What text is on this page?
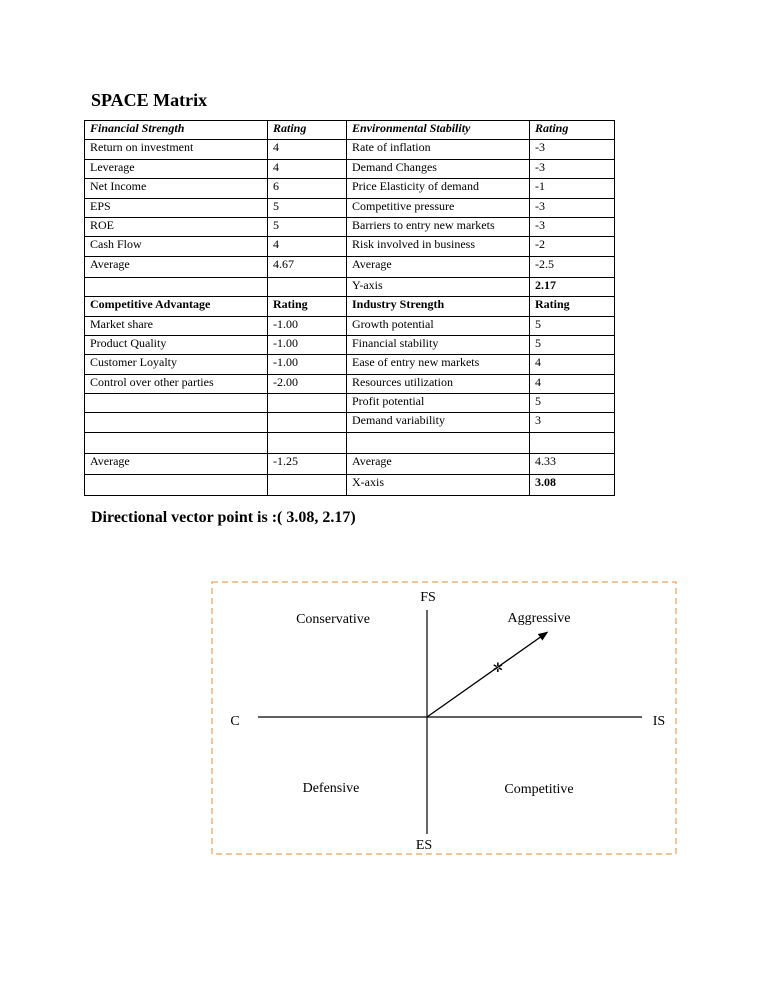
SPACE Matrix
Financial Strength	Rating	Environmental Stability	Rating
Return on investment	4	Rate of inflation	-3
Leverage	4	Demand Changes	-3
Net Income	6	Price Elasticity of demand	-1
EPS	5	Competitive pressure	-3
ROE	5	Barriers to entry new markets	-3
Cash Flow	4	Risk involved in business	-2
Average	4.67	Average	-2.5
		Y-axis	2.17
Competitive Advantage	Rating	Industry Strength	Rating
Market share	-1.00	Growth potential	5
Product Quality	-1.00	Financial stability	5
Customer Loyalty	-1.00	Ease of entry new markets	4
Control over other parties	-2.00	Resources utilization	4
		Profit potential	5
		Demand variability	3

Average	-1.25	Average	4.33
		X-axis	3.08

Directional vector point is :( 3.08, 2.17)

✲
FS
ES
C	IS
Conservative	Aggressive
Defensive	Competitive
